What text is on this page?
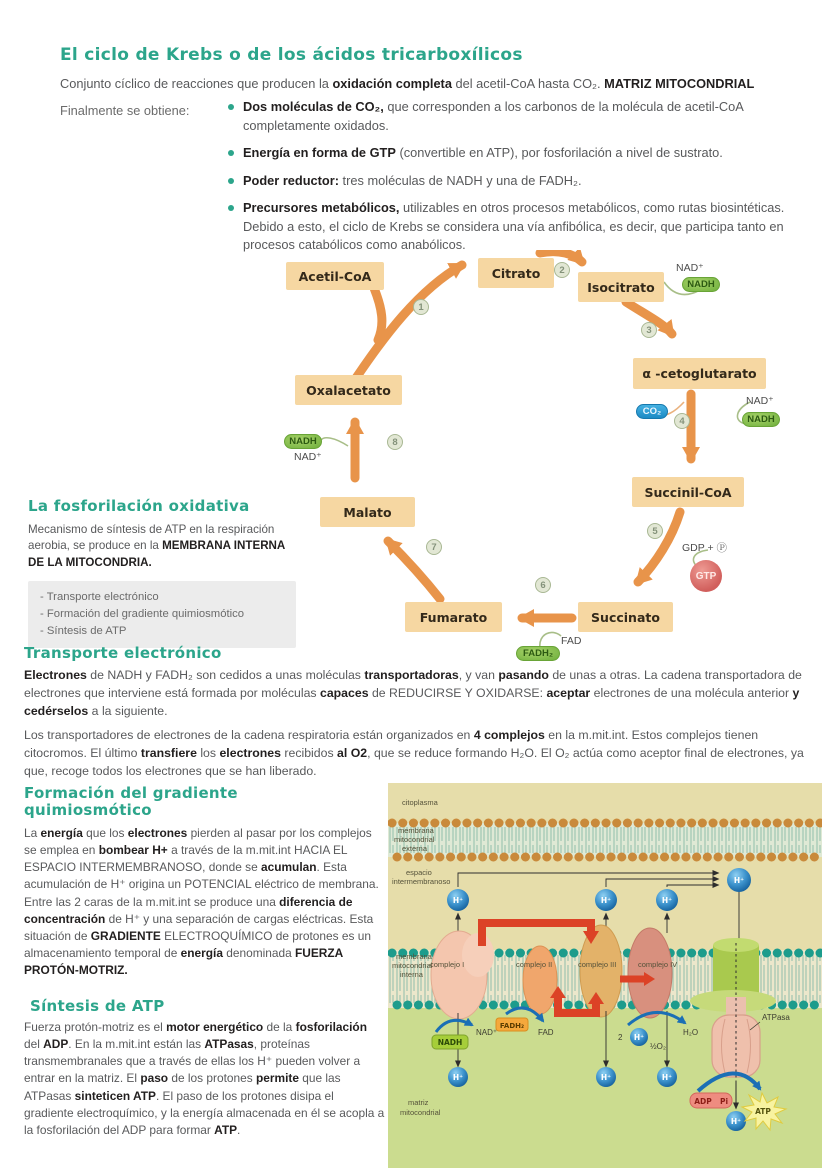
El ciclo de Krebs o de los ácidos tricarboxílicos
Conjunto cíclico de reacciones que producen la oxidación completa del acetil-CoA hasta CO₂. MATRIZ MITOCONDRIAL
Finalmente se obtiene:	Dos moléculas de CO₂, que corresponden a los carbonos de la molécula de acetil-CoA completamente oxidados.
Energía en forma de GTP (convertible en ATP), por fosforilación a nivel de sustrato.
Poder reductor: tres moléculas de NADH y una de FADH₂.
Precursores metabólicos, utilizables en otros procesos metabólicos, como rutas biosintéticas. Debido a esto, el ciclo de Krebs se considera una vía anfibólica, es decir, que participa tanto en procesos catabólicos como anabólicos.
Acetil-CoA	Citrato
Isocitrato
α -cetoglutarato
Succinil-CoA
Succinato
Fumarato
Malato
Oxalacetato
1
2
3
4
5
6
7
8
NAD⁺
NADH
CO₂
NAD⁺
NADH
GDP + Ⓟ
GTP
FAD
FADH₂
NADH
NAD⁺
La fosforilación oxidativa
Mecanismo de síntesis de ATP en la respiración aerobia, se produce en la MEMBRANA INTERNA DE LA MITOCONDRIA.
- Transporte electrónico
- Formación del gradiente quimiosmótico
- Síntesis de ATP
Transporte electrónico
Electrones de NADH y FADH₂ son cedidos a unas moléculas transportadoras, y van pasando de unas a otras. La cadena transportadora de electrones que interviene está formada por moléculas capaces de REDUCIRSE Y OXIDARSE: aceptar electrones de una molécula anterior y cedérselos a la siguiente.
Los transportadores de electrones de la cadena respiratoria están organizados en 4 complejos en la m.mit.int. Estos complejos tienen citocromos. El último transfiere los electrones recibidos al O2, que se reduce formando H₂O. El O₂ actúa como aceptor final de electrones, ya que, recoge todos los electrones que se han liberado.
Formación del gradiente quimiosmótico
La energía que los electrones pierden al pasar por los complejos se emplea en bombear H+ a través de la m.mit.int HACIA EL ESPACIO INTERMEMBRANOSO, donde se acumulan. Esta acumulación de H⁺ origina un POTENCIAL eléctrico de membrana. Entre las 2 caras de la m.mit.int se produce una diferencia de concentración de H⁺ y una separación de cargas eléctricas. Esta situación de GRADIENTE ELECTROQUÍMICO de protones es un almacenamiento temporal de energía denominada FUERZA PROTÓN-MOTRIZ.
Síntesis de ATP
Fuerza protón-motriz es el motor energético de la fosforilación del ADP. En la m.mit.int están las ATPasas, proteínas transmembranales que a través de ellas los H⁺ pueden volver a entrar en la matriz. El paso de los protones permite que las ATPasas sinteticen ATP. El paso de los protones disipa el gradiente electroquímico, y la energía almacenada en él se acopla a la fosforilación del ADP para formar ATP.
H⁺	H⁺	H⁺
H⁺
H⁺	H⁺	H⁺
H⁺
H⁺
NADH
FADH₂
ADP Pi
ATP
NAD⁺	FAD
2
½O₂
H₂O
ATPasa
citoplasma
membrana
mitocondrial
externa
espacio
intermembranoso
membrana
mitocondrial
interna
matriz
mitocondrial
complejo I	complejo II	complejo III	complejo IV
